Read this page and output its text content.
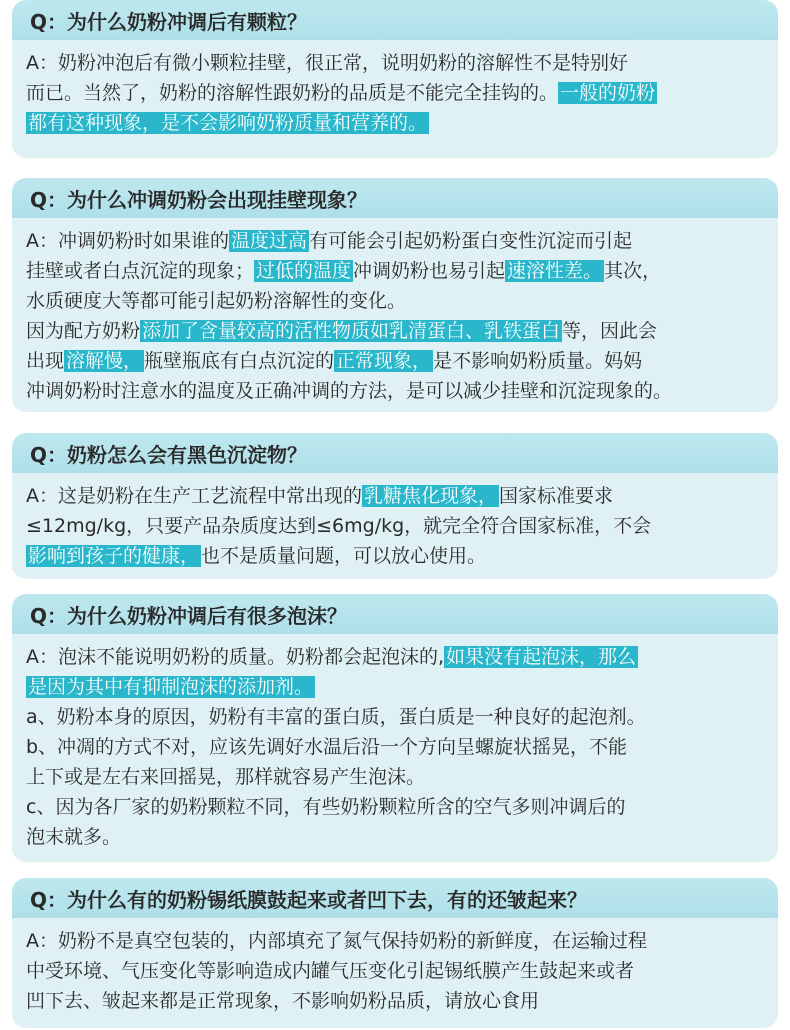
Q：为什么奶粉冲调后有颗粒？

A：奶粉冲泡后有微小颗粒挂壁，很正常，说明奶粉的溶解性不是特别好

而已。当然了，奶粉的溶解性跟奶粉的品质是不能完全挂钩的。 一般的奶粉

都有这种现象，是不会影响奶粉质量和营养的。

Q：为什么冲调奶粉会出现挂壁现象？

A：冲调奶粉时如果谁的 温度过高 有可能会引起奶粉蛋白变性沉淀而引起

挂壁或者白点沉淀的现象； 过低的温度 冲调奶粉也易引起 速溶性差。 其次，

水质硬度大等都可能引起奶粉溶解性的变化。

因为配方奶粉 添加了含量较高的活性物质如乳清蛋白、乳铁蛋白 等，因此会

出现 溶解慢， 瓶壁瓶底有白点沉淀的 正常现象， 是不影响奶粉质量。妈妈

冲调奶粉时注意水的温度及正确冲调的方法，是可以减少挂壁和沉淀现象的。

Q：奶粉怎么会有黑色沉淀物？

A：这是奶粉在生产工艺流程中常出现的 乳糖焦化现象， 国家标准要求

≤12mg/kg，只要产品杂质度达到≤6mg/kg，就完全符合国家标准，不会

影响到孩子的健康， 也不是质量问题，可以放心使用。

Q：为什么奶粉冲调后有很多泡沫？

A：泡沫不能说明奶粉的质量。奶粉都会起泡沫的, 如果没有起泡沫，那么

是因为其中有抑制泡沫的添加剂。

a、奶粉本身的原因，奶粉有丰富的蛋白质，蛋白质是一种良好的起泡剂。

b、冲凋的方式不对，应该先调好水温后沿一个方向呈螺旋状摇晃，不能

上下或是左右来回摇晃，那样就容易产生泡沫。

c、因为各厂家的奶粉颗粒不同，有些奶粉颗粒所含的空气多则冲调后的

泡末就多。

Q：为什么有的奶粉锡纸膜鼓起来或者凹下去，有的还皱起来？

A：奶粉不是真空包装的，内部填充了氮气保持奶粉的新鲜度，在运输过程

中受环境、气压变化等影响造成内罐气压变化引起锡纸膜产生鼓起来或者

凹下去、皱起来都是正常现象，不影响奶粉品质，请放心食用
